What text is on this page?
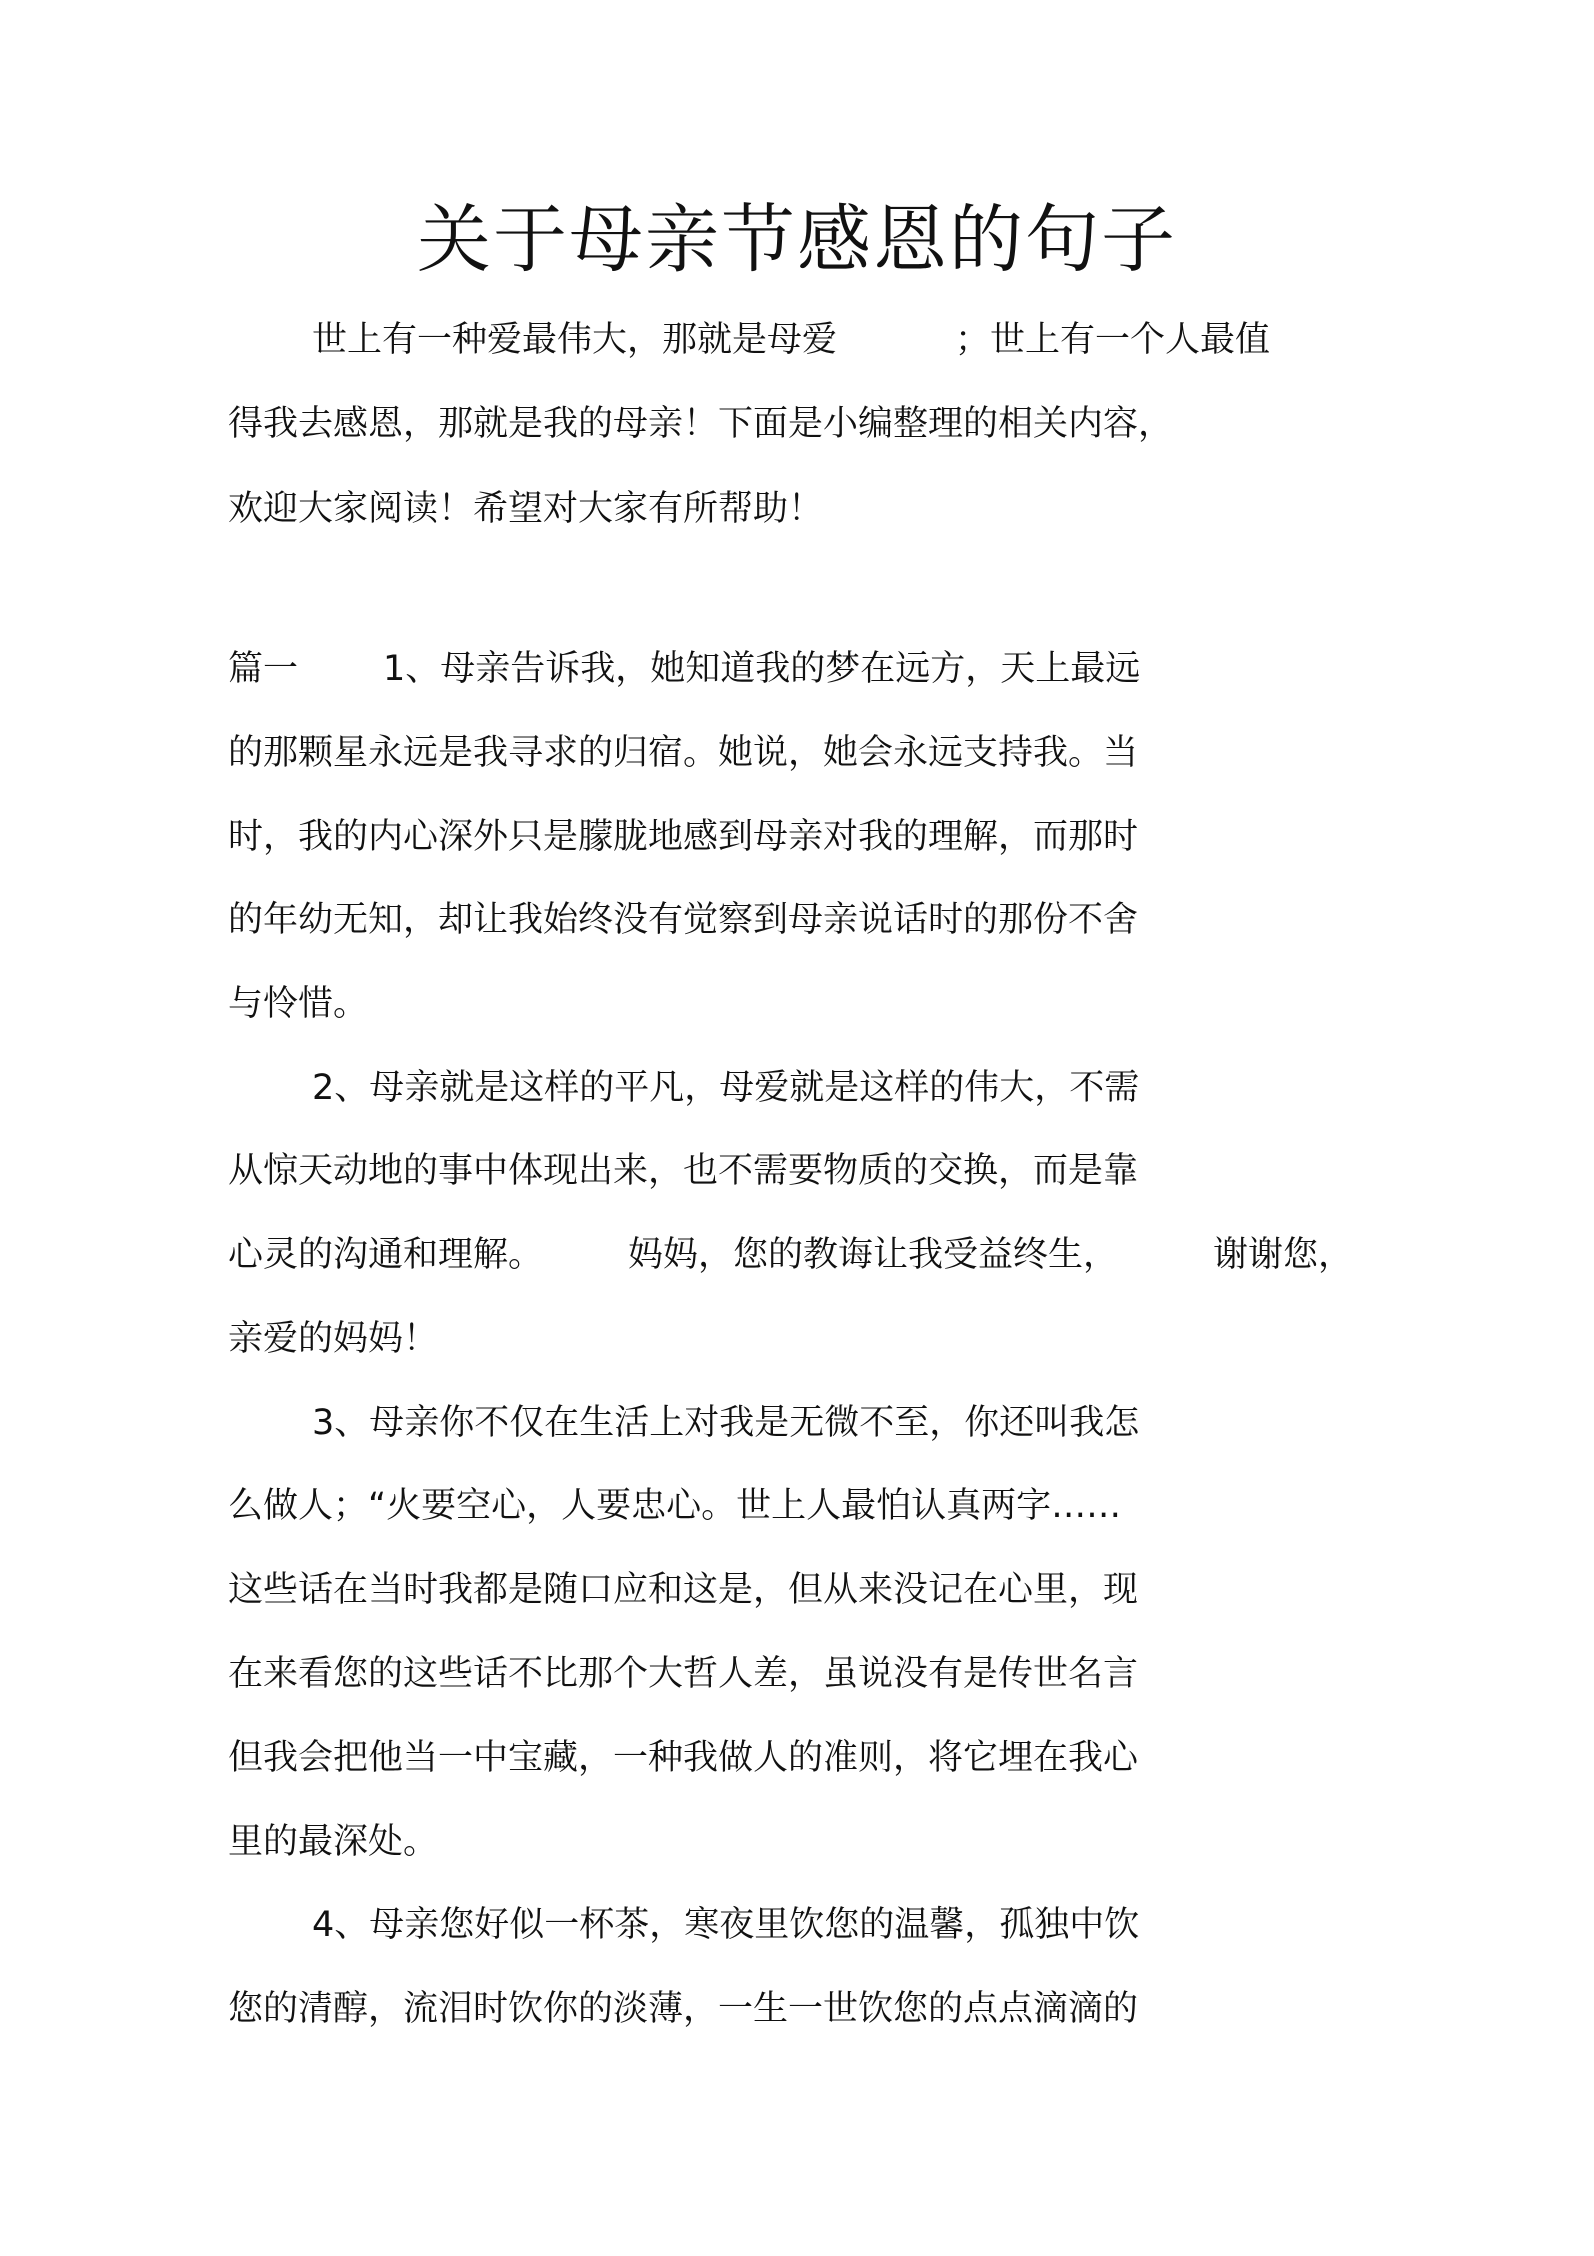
关于母亲节感恩的句子
世上有一种爱最伟大，那就是母爱	；世上有一个人最值

得我去感恩，那就是我的母亲！下面是小编整理的相关内容，

欢迎大家阅读！希望对大家有所帮助！

篇一 1、母亲告诉我，她知道我的梦在远方，天上最远

的那颗星永远是我寻求的归宿。她说，她会永远支持我。当

时，我的内心深外只是朦胧地感到母亲对我的理解，而那时

的年幼无知，却让我始终没有觉察到母亲说话时的那份不舍

与怜惜。

2、母亲就是这样的平凡，母爱就是这样的伟大，不需

从惊天动地的事中体现出来，也不需要物质的交换，而是靠

心灵的沟通和理解。 妈妈，您的教诲让我受益终生，	谢谢您，

亲爱的妈妈！

3、母亲你不仅在生活上对我是无微不至，你还叫我怎

么做人；“火要空心，人要忠心。世上人最怕认真两字……

这些话在当时我都是随口应和这是，但从来没记在心里，现

在来看您的这些话不比那个大哲人差，虽说没有是传世名言

但我会把他当一中宝藏，一种我做人的准则，将它埋在我心

里的最深处。

4、母亲您好似一杯茶，寒夜里饮您的温馨，孤独中饮

您的清醇，流泪时饮你的淡薄，一生一世饮您的点点滴滴的
